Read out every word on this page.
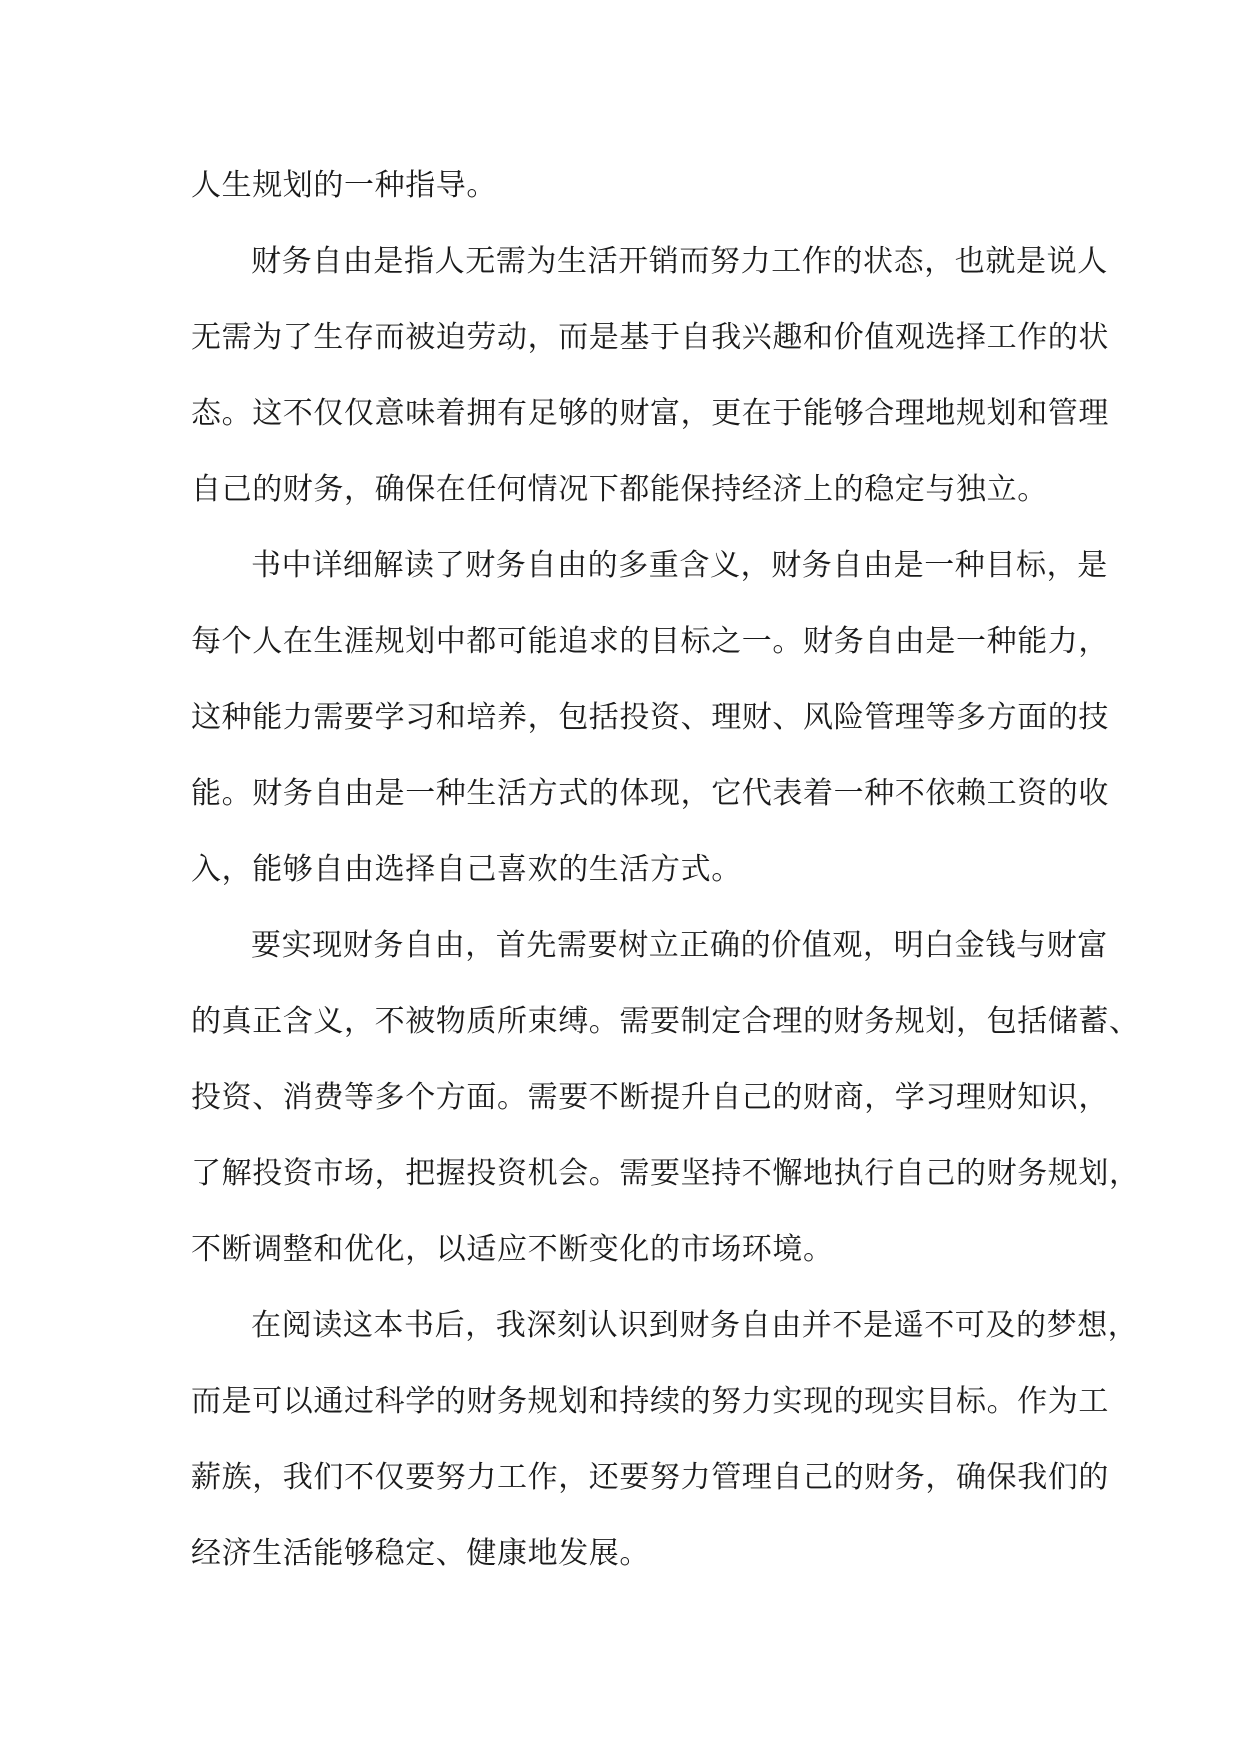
人生规划的一种指导。
财务自由是指人无需为生活开销而努力工作的状态，也就是说人
无需为了生存而被迫劳动，而是基于自我兴趣和价值观选择工作的状
态。这不仅仅意味着拥有足够的财富，更在于能够合理地规划和管理
自己的财务，确保在任何情况下都能保持经济上的稳定与独立。
书中详细解读了财务自由的多重含义，财务自由是一种目标，是
每个人在生涯规划中都可能追求的目标之一。财务自由是一种能力，
这种能力需要学习和培养，包括投资、理财、风险管理等多方面的技
能。财务自由是一种生活方式的体现，它代表着一种不依赖工资的收
入，能够自由选择自己喜欢的生活方式。
要实现财务自由，首先需要树立正确的价值观，明白金钱与财富
的真正含义，不被物质所束缚。需要制定合理的财务规划，包括储蓄、
投资、消费等多个方面。需要不断提升自己的财商，学习理财知识，
了解投资市场，把握投资机会。需要坚持不懈地执行自己的财务规划，
不断调整和优化，以适应不断变化的市场环境。
在阅读这本书后，我深刻认识到财务自由并不是遥不可及的梦想，
而是可以通过科学的财务规划和持续的努力实现的现实目标。作为工
薪族，我们不仅要努力工作，还要努力管理自己的财务，确保我们的
经济生活能够稳定、健康地发展。
